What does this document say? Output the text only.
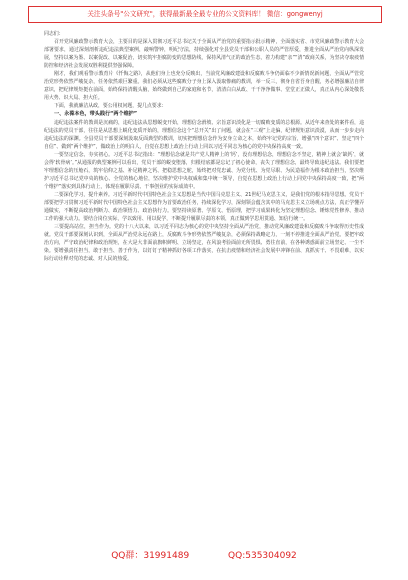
关注头条号"公文研究"，获得最新最全最专业的公文资料库！ 微信：gongwenyj

同志们：

召开党风廉政警示教育大会，主要目的是深入贯彻习近平总书记关于全面从严治党的重要指示批示精神，全面落实省、市党风廉政警示教育大会部署要求，通过深刻剖析违纪违法典型案例，敲响警钟，明纪守法，持续强化对全县党员干部和公职人员的严管厚爱，推进全面从严治党向纵深发展，坚持以案为鉴、以案促改、以案促治，切实筑牢拒腐防变的思想防线，保持风清气正的政治生态，着力构建“亲”“清”政商关系，为坚决夺取疫情防控和经济社会发展双胜利提供坚强保障。

刚才，我们观看警示教育片《忏悔之路》，从他们身上也充分反映出，当前党风廉政建设和反腐败斗争仍面临不少新情况新问题，全面从严管党治党形势依然严峻复杂，任务依然艰巨繁重。我们必须从这些腐败分子身上深入汲取惨痛的教训，举一反三，彻身自省吾身自醒，务必增强廉洁自律意识，把纪律规矩挺在前面，始终保持清醒头脑，始终做到自己的家庭和名节，清清白白从政、干干净净做事、堂堂正正做人，真正从内心深处敬畏用大势、识大局、担大任。

下面，我就廉洁从政，要公用权问题，提几点要求：

一、永葆本色，带头践行“两个维护”

违纪违法案件的教训是沉痛的，违纪违法从思想蜕变开始，理想信念滑坡、宗旨意识淡化是一切腐败变质的总根源。从近年来查处的案件看，违纪违法的党员干部，往往是从思想上蜕化变质开始的，理想信念这个“总开关”出了问题，就会在“三观”上走偏，纪律规矩意识淡漠，从而一步步走向违纪违法的深渊。全县党员干部要深刻汲取反面典型的教训，切实把理想信念作为安身立命之本，始终牢记党的宗旨，增强“四个意识”、坚定“四个自信”、做到“两个维护”，做政治上的明白人，自觉在思想上政治上行动上同以习近平同志为核心的党中央保持高度一致。

一要坚定信念，夯实初心。习近平总书记指出：“理想信念就是共产党人精神上的‘钙’，没有理想信念，理想信念不坚定，精神上就会‘缺钙’，就会得‘软骨病’。”从通报的典型案例可以看出，党员干部的蜕变堕落，归根结底都是忘记了初心使命，丧失了理想信念，最终导致违纪违法。我们要把牢理想信念的压舱石，筑牢信仰之基、补足精神之钙、把稳思想之舵，始终把对党忠诚、为党分忧、为党尽职、为民造福作为根本政治担当，坚决维护习近平总书记党中央的核心、全党的核心地位，坚决维护党中央权威和集中统一领导，自觉在思想上政治上行动上同党中央保持高度一致，把“两个维护”落实到具体行动上，体现在履职尽责、干事创业的实际成效中。

二要深化学习，提升素养。习近平新时代中国特色社会主义思想是当代中国马克思主义、21世纪马克思主义，是我们党的根本指导思想。党员干部要把学习贯彻习近平新时代中国特色社会主义思想作为首要政治任务，持续深化学习，深刻领会蕴含其中的马克思主义立场观点方法，真正学懂弄通做实，不断提高政治判断力、政治领悟力、政治执行力。要坚持读原著、学原文、悟原理，把学习成果转化为坚定理想信念、锤炼党性修养、推动工作的强大动力。要结合岗位实际，学以致用、用以促学，不断提升履职尽责的本领，真正做到学思用贯通、知信行统一。

三要提高站位，担当作为。党的十八大以来，以习近平同志为核心的党中央坚持全面从严治党，推动党风廉政建设和反腐败斗争取得历史性成就。党员干部要深刻认识到，全面从严治党永远在路上，反腐败斗争形势依然严峻复杂，必须保持战略定力，一刻不停推进全面从严治党。要把牢政治方向，严守政治纪律和政治规矩，在大是大非面前旗帜鲜明、立场坚定，在风浪考验面前无所畏惧、勇往直前，在各种诱惑面前立场坚定、一尘不染。要增强责任担当，敢于担当、善于作为，以钉钉子精神抓好各项工作落实，在抗击疫情和经济社会发展中冲锋在前、真抓实干、不畏艰难，以实际行动诠释对党的忠诚、对人民的热爱。

QQ群：31991489	QQ:535304092
